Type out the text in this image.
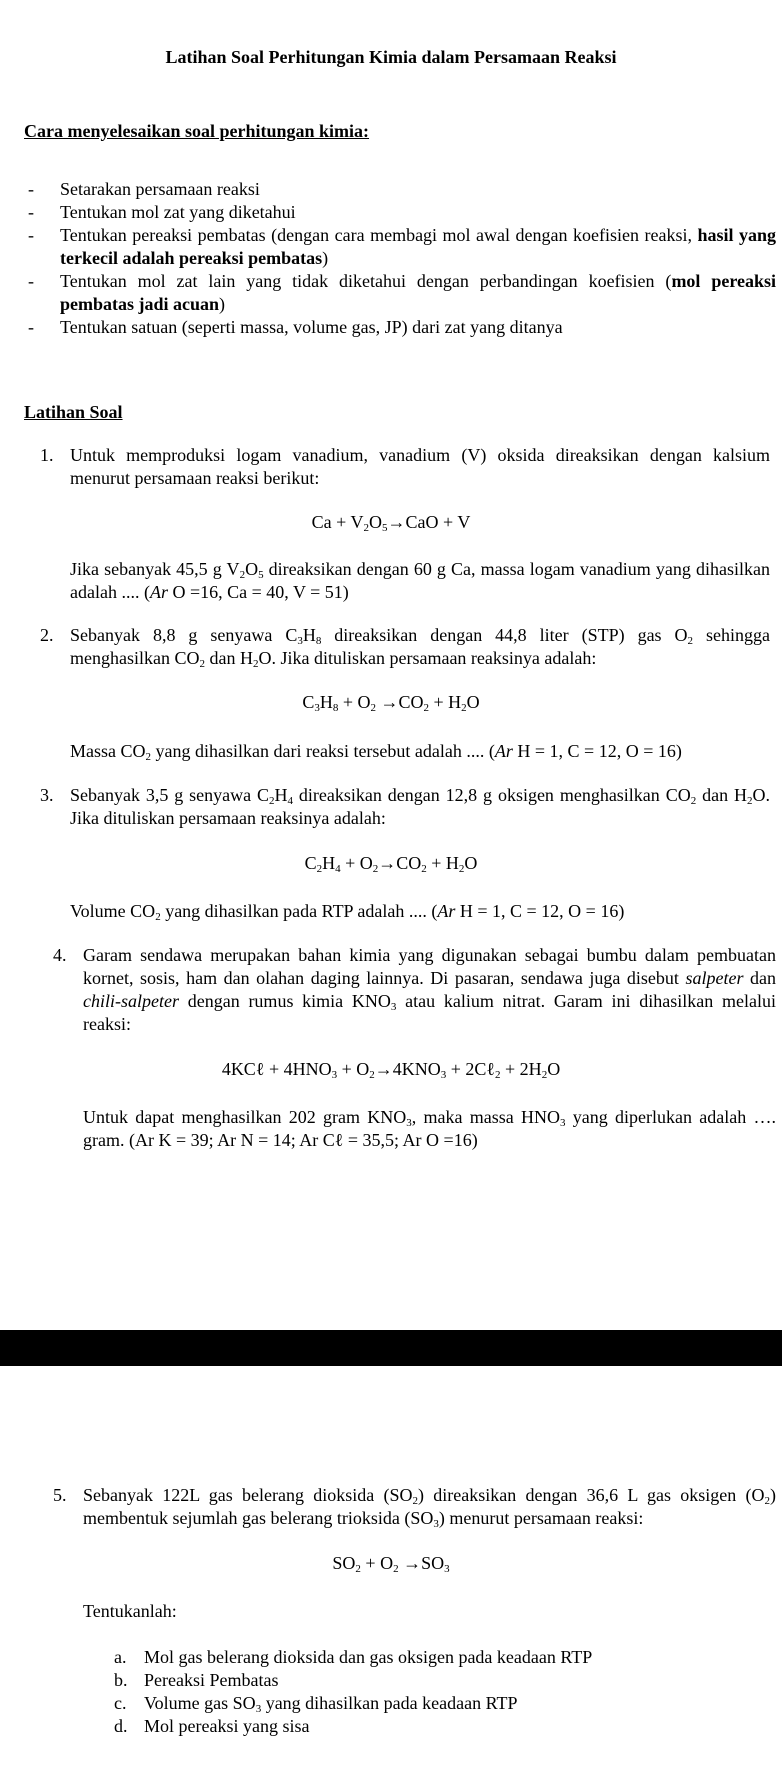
Latihan Soal Perhitungan Kimia dalam Persamaan Reaksi
Cara menyelesaikan soal perhitungan kimia:
- Setarakan persamaan reaksi
- Tentukan mol zat yang diketahui
- Tentukan pereaksi pembatas (dengan cara membagi mol awal dengan koefisien reaksi, hasil yang terkecil adalah pereaksi pembatas)
- Tentukan mol zat lain yang tidak diketahui dengan perbandingan koefisien (mol pereaksi pembatas jadi acuan)
- Tentukan satuan (seperti massa, volume gas, JP) dari zat yang ditanya
Latihan Soal
1. Untuk memproduksi logam vanadium, vanadium (V) oksida direaksikan dengan kalsium menurut persamaan reaksi berikut:

$Ca + V_2O_5\to CaO + V$

Jika sebanyak 45,5 g $V_2O_5$ direaksikan dengan 60 g Ca, massa logam vanadium yang dihasilkan adalah .... (Ar O =16, Ca = 40, V = 51)

2. Sebanyak 8,8 g senyawa $C_3H_8$ direaksikan dengan 44,8 liter (STP) gas $O_2$ sehingga menghasilkan $CO_2$ dan $H_2O$. Jika dituliskan persamaan reaksinya adalah:

$C_3H_8 + O_2 \to CO_2 + H_2O$

Massa $CO_2$ yang dihasilkan dari reaksi tersebut adalah .... (Ar H = 1, C = 12, O = 16)

3. Sebanyak 3,5 g senyawa $C_2H_4$ direaksikan dengan 12,8 g oksigen menghasilkan $CO_2$ dan $H_2O$. Jika dituliskan persamaan reaksinya adalah:

$C_2H_4 + O_2\to CO_2 + H_2O$

Volume $CO_2$ yang dihasilkan pada RTP adalah .... (Ar H = 1, C = 12, O = 16)

4. Garam sendawa merupakan bahan kimia yang digunakan sebagai bumbu dalam pembuatan kornet, sosis, ham dan olahan daging lainnya. Di pasaran, sendawa juga disebut salpeter dan chili-salpeter dengan rumus kimia $KNO_3$ atau kalium nitrat. Garam ini dihasilkan melalui reaksi:

4KCℓ + $4HNO_3 + O_2\to 4KNO_3$ + 2Cℓ$_2$ + $2H_2O$

Untuk dapat menghasilkan 202 gram $KNO_3$, maka massa $HNO_3$ yang diperlukan adalah …. gram. (Ar K = 39; Ar N = 14; Ar Cℓ = 35,5; Ar O =16)

5. Sebanyak 122L gas belerang dioksida $(SO_2)$ direaksikan dengan 36,6 L gas oksigen $(O_2)$ membentuk sejumlah gas belerang trioksida $(SO_3)$ menurut persamaan reaksi:

$SO_2 + O_2 \to SO_3$

Tentukanlah:

a. Mol gas belerang dioksida dan gas oksigen pada keadaan RTP
b. Pereaksi Pembatas
c. Volume gas $SO_3$ yang dihasilkan pada keadaan RTP
d. Mol pereaksi yang sisa
